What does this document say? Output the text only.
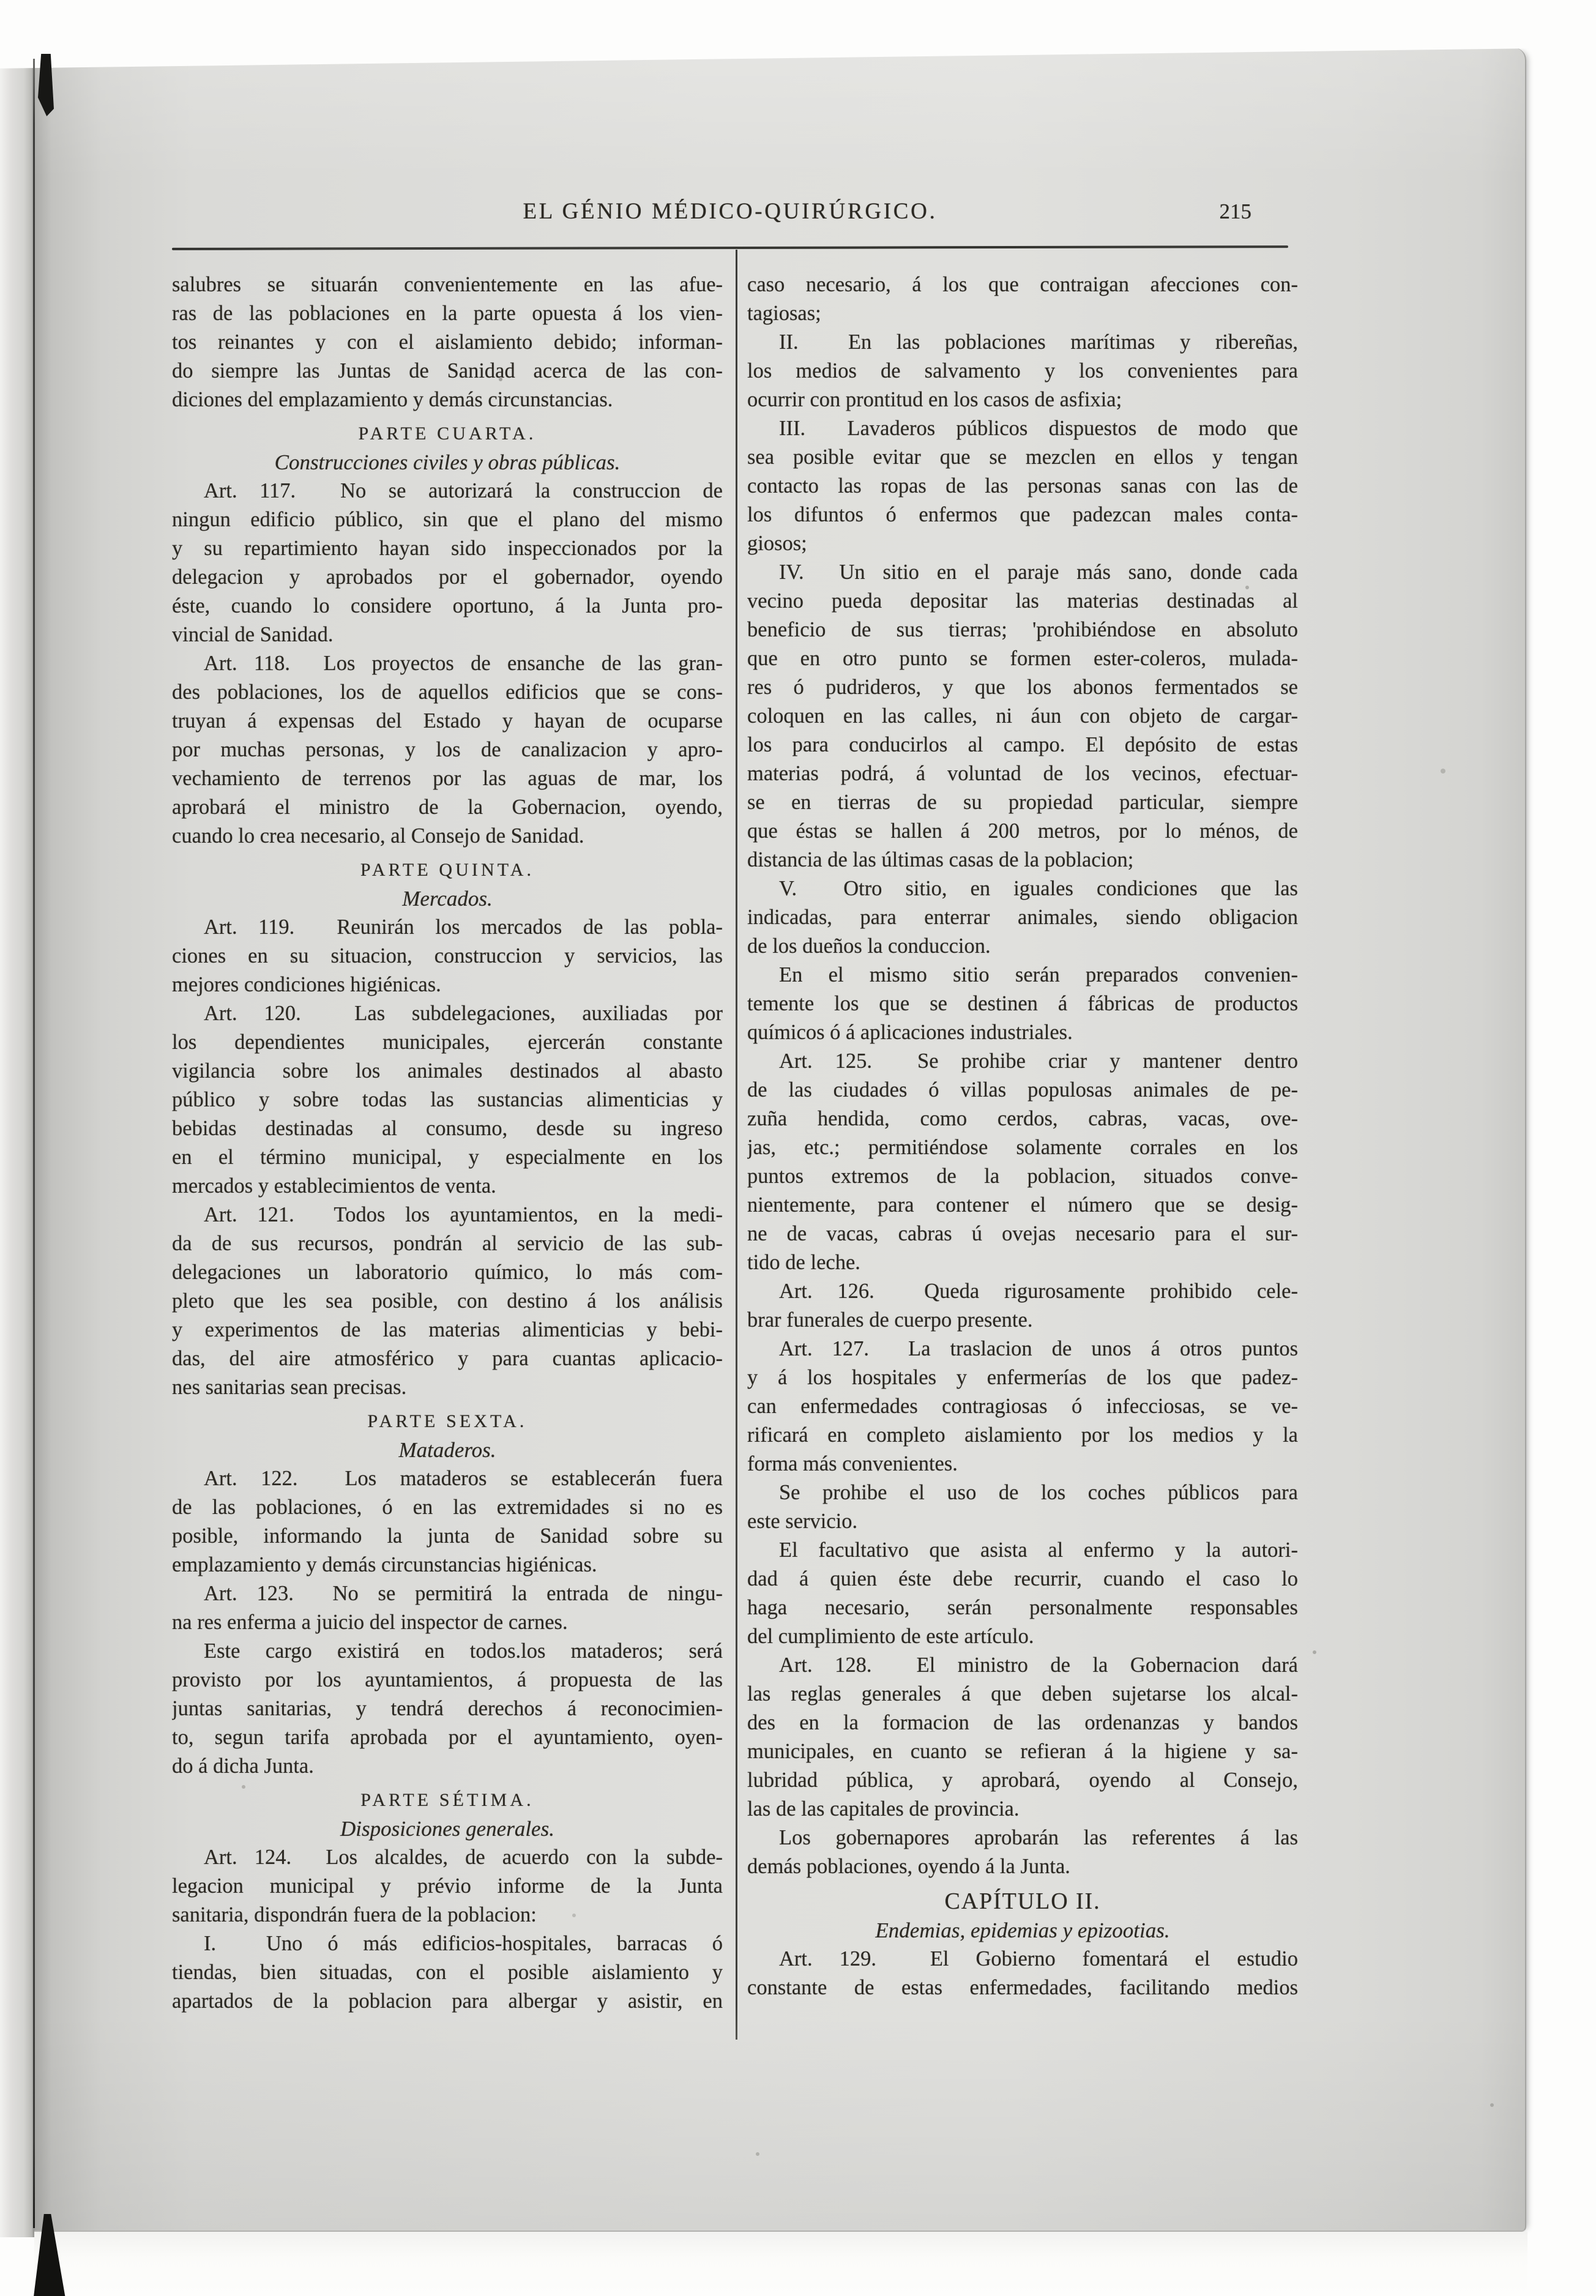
EL GÉNIO MÉDICO-QUIRÚRGICO.	215
salubres se situarán convenientemente en las afue-
ras de las poblaciones en la parte opuesta á los vien-
tos reinantes y con el aislamiento debido; informan-
do siempre las Juntas de Sanidad acerca de las con-
diciones del emplazamiento y demás circunstancias.
PARTE CUARTA.
Construcciones civiles y obras públicas.
Art. 117.  No se autorizará la construccion de
ningun edificio público, sin que el plano del mismo
y su repartimiento hayan sido inspeccionados por la
delegacion y aprobados por el gobernador, oyendo
éste, cuando lo considere oportuno, á la Junta pro-
vincial de Sanidad.
Art. 118.  Los proyectos de ensanche de las gran-
des poblaciones, los de aquellos edificios que se cons-
truyan á expensas del Estado y hayan de ocuparse
por muchas personas, y los de canalizacion y apro-
vechamiento de terrenos por las aguas de mar, los
aprobará el ministro de la Gobernacion, oyendo,
cuando lo crea necesario, al Consejo de Sanidad.
PARTE QUINTA.
Mercados.
Art. 119.  Reunirán los mercados de las pobla-
ciones en su situacion, construccion y servicios, las
mejores condiciones higiénicas.
Art. 120.  Las subdelegaciones, auxiliadas por
los dependientes municipales, ejercerán constante
vigilancia sobre los animales destinados al abasto
público y sobre todas las sustancias alimenticias y
bebidas destinadas al consumo, desde su ingreso
en el término municipal, y especialmente en los
mercados y establecimientos de venta.
Art. 121.  Todos los ayuntamientos, en la medi-
da de sus recursos, pondrán al servicio de las sub-
delegaciones un laboratorio químico, lo más com-
pleto que les sea posible, con destino á los análisis
y experimentos de las materias alimenticias y bebi-
das, del aire atmosférico y para cuantas aplicacio-
nes sanitarias sean precisas.
PARTE SEXTA.
Mataderos.
Art. 122.  Los mataderos se establecerán fuera
de las poblaciones, ó en las extremidades si no es
posible, informando la junta de Sanidad sobre su
emplazamiento y demás circunstancias higiénicas.
Art. 123.  No se permitirá la entrada de ningu-
na res enferma a juicio del inspector de carnes.
Este cargo existirá en todos.los mataderos; será
provisto por los ayuntamientos, á propuesta de las
juntas sanitarias, y tendrá derechos á reconocimien-
to, segun tarifa aprobada por el ayuntamiento, oyen-
do á dicha Junta.
PARTE SÉTIMA.
Disposiciones generales.
Art. 124.  Los alcaldes, de acuerdo con la subde-
legacion municipal y prévio informe de la Junta
sanitaria, dispondrán fuera de la poblacion:
I.  Uno ó más edificios-hospitales, barracas ó
tiendas, bien situadas, con el posible aislamiento y
apartados de la poblacion para albergar y asistir, en
caso necesario, á los que contraigan afecciones con-
tagiosas;
II.  En las poblaciones marítimas y ribereñas,
los medios de salvamento y los convenientes para
ocurrir con prontitud en los casos de asfixia;
III.  Lavaderos públicos dispuestos de modo que
sea posible evitar que se mezclen en ellos y tengan
contacto las ropas de las personas sanas con las de
los difuntos ó enfermos que padezcan males conta-
giosos;
IV.  Un sitio en el paraje más sano, donde cada
vecino pueda depositar las materias destinadas al
beneficio de sus tierras; 'prohibiéndose en absoluto
que en otro punto se formen ester-coleros, mulada-
res ó pudrideros, y que los abonos fermentados se
coloquen en las calles, ni áun con objeto de cargar-
los para conducirlos al campo. El depósito de estas
materias podrá, á voluntad de los vecinos, efectuar-
se en tierras de su propiedad particular, siempre
que éstas se hallen á 200 metros, por lo ménos, de
distancia de las últimas casas de la poblacion;
V.  Otro sitio, en iguales condiciones que las
indicadas, para enterrar animales, siendo obligacion
de los dueños la conduccion.
En el mismo sitio serán preparados convenien-
temente los que se destinen á fábricas de productos
químicos ó á aplicaciones industriales.
Art. 125.  Se prohibe criar y mantener dentro
de las ciudades ó villas populosas animales de pe-
zuña hendida, como cerdos, cabras, vacas, ove-
jas, etc.; permitiéndose solamente corrales en los
puntos extremos de la poblacion, situados conve-
nientemente, para contener el número que se desig-
ne de vacas, cabras ú ovejas necesario para el sur-
tido de leche.
Art. 126.  Queda rigurosamente prohibido cele-
brar funerales de cuerpo presente.
Art. 127.  La traslacion de unos á otros puntos
y á los hospitales y enfermerías de los que padez-
can enfermedades contragiosas ó infecciosas, se ve-
rificará en completo aislamiento por los medios y la
forma más convenientes.
Se prohibe el uso de los coches públicos para
este servicio.
El facultativo que asista al enfermo y la autori-
dad á quien éste debe recurrir, cuando el caso lo
haga necesario, serán personalmente responsables
del cumplimiento de este artículo.
Art. 128.  El ministro de la Gobernacion dará
las reglas generales á que deben sujetarse los alcal-
des en la formacion de las ordenanzas y bandos
municipales, en cuanto se refieran á la higiene y sa-
lubridad pública, y aprobará, oyendo al Consejo,
las de las capitales de provincia.
Los gobernapores aprobarán las referentes á las
demás poblaciones, oyendo á la Junta.
CAPÍTULO II.
Endemias, epidemias y epizootias.
Art. 129.  El Gobierno fomentará el estudio
constante de estas enfermedades, facilitando medios
